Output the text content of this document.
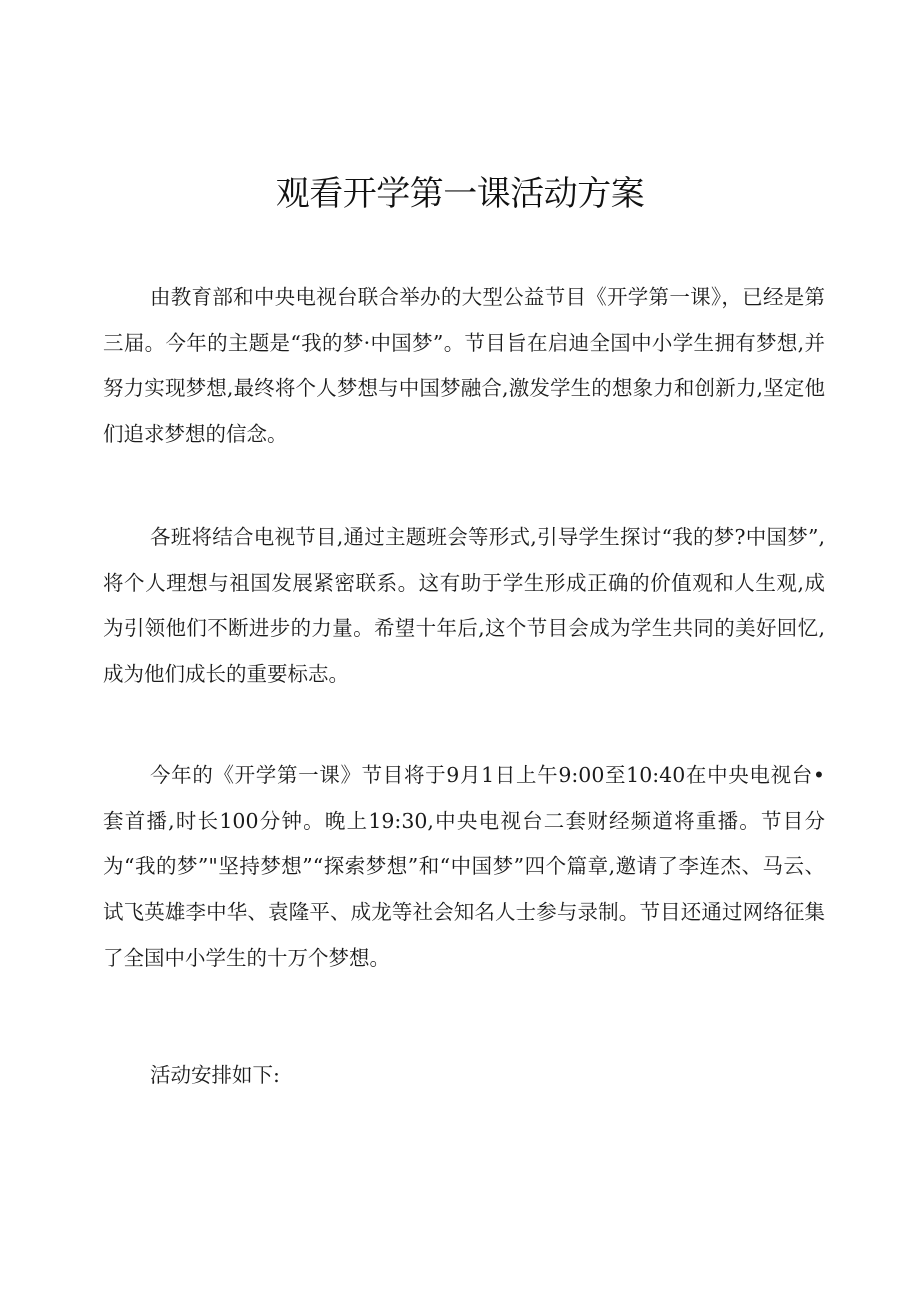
观看开学第一课活动方案

由教育部和中央电视台联合举办的大型公益节目《开学第一课》，已经是第三届。今年的主题是“我的梦·中国梦”。节目旨在启迪全国中小学生拥有梦想,并努力实现梦想,最终将个人梦想与中国梦融合,激发学生的想象力和创新力,坚定他们追求梦想的信念。

各班将结合电视节目,通过主题班会等形式,引导学生探讨“我的梦?中国梦”,将个人理想与祖国发展紧密联系。这有助于学生形成正确的价值观和人生观,成为引领他们不断进步的力量。希望十年后,这个节目会成为学生共同的美好回忆,成为他们成长的重要标志。

今年的《开学第一课》节目将于9月1日上午9:00至10:40在中央电视台•套首播,时长100分钟。晚上19:30,中央电视台二套财经频道将重播。节目分为“我的梦”"坚持梦想”“探索梦想”和“中国梦”四个篇章,邀请了李连杰、马云、试飞英雄李中华、袁隆平、成龙等社会知名人士参与录制。节目还通过网络征集了全国中小学生的十万个梦想。

活动安排如下:
